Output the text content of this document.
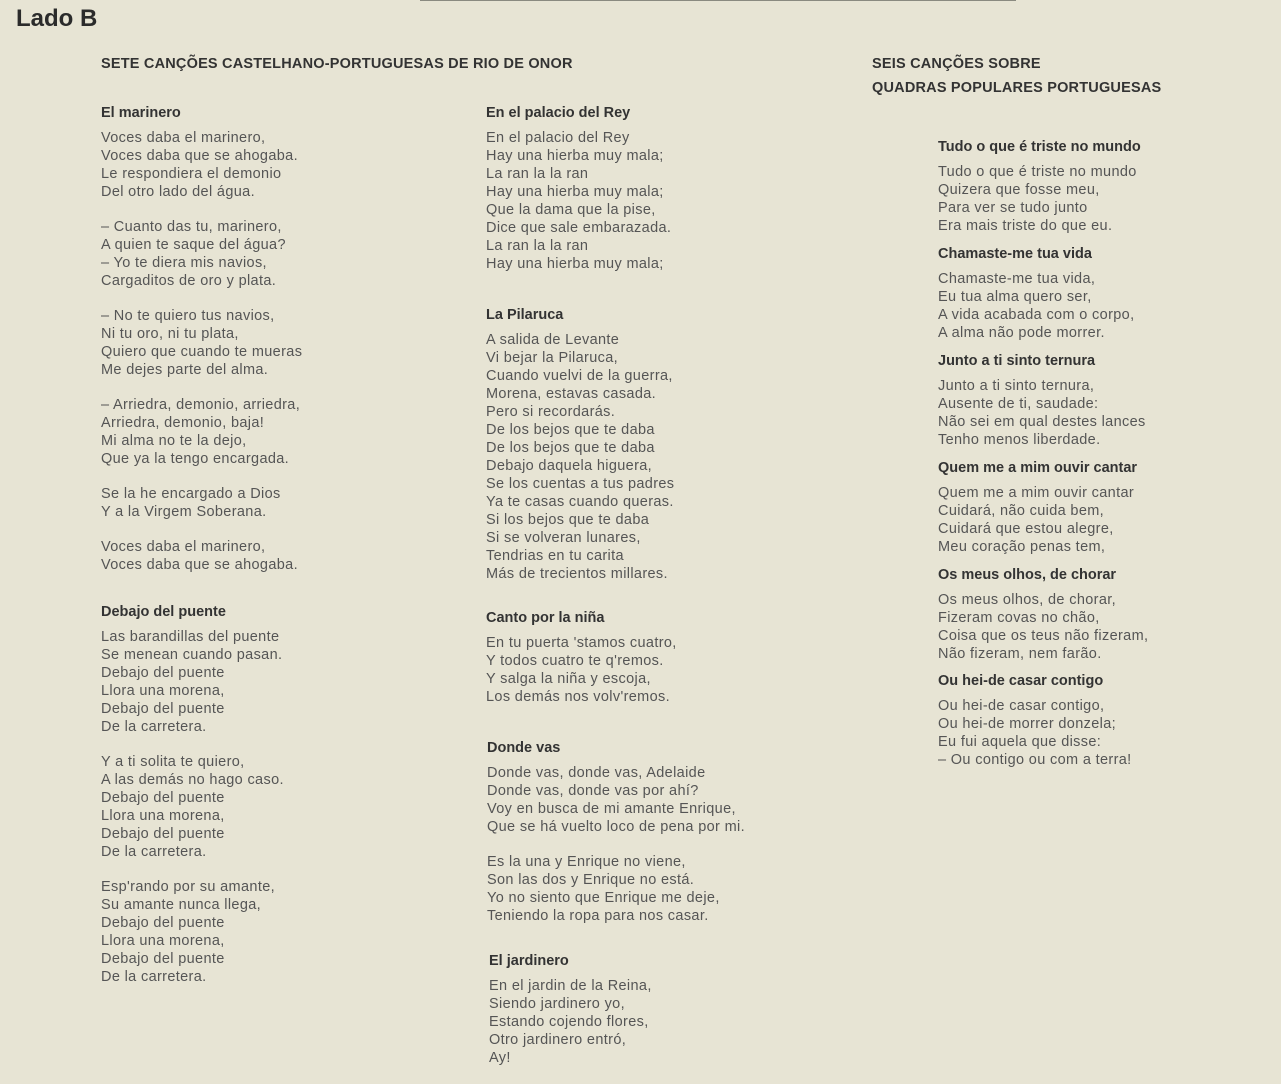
Lado B
SETE CANÇÕES CASTELHANO-PORTUGUESAS DE RIO DE ONOR	SEIS CANÇÕES SOBRE
QUADRAS POPULARES PORTUGUESAS
El marinero
Voces daba el marinero,
Voces daba que se ahogaba.
Le respondiera el demonio
Del otro lado del água.
– Cuanto das tu, marinero,
A quien te saque del água?
– Yo te diera mis navios,
Cargaditos de oro y plata.
– No te quiero tus navios,
Ni tu oro, ni tu plata,
Quiero que cuando te mueras
Me dejes parte del alma.
– Arriedra, demonio, arriedra,
Arriedra, demonio, baja!
Mi alma no te la dejo,
Que ya la tengo encargada.
Se la he encargado a Dios
Y a la Virgem Soberana.
Voces daba el marinero,
Voces daba que se ahogaba.
Debajo del puente
Las barandillas del puente
Se menean cuando pasan.
Debajo del puente
Llora una morena,
Debajo del puente
De la carretera.
Y a ti solita te quiero,
A las demás no hago caso.
Debajo del puente
Llora una morena,
Debajo del puente
De la carretera.
Esp'rando por su amante,
Su amante nunca llega,
Debajo del puente
Llora una morena,
Debajo del puente
De la carretera.
En el palacio del Rey
En el palacio del Rey
Hay una hierba muy mala;
La ran la la ran
Hay una hierba muy mala;
Que la dama que la pise,
Dice que sale embarazada.
La ran la la ran
Hay una hierba muy mala;
La Pilaruca
A salida de Levante
Vi bejar la Pilaruca,
Cuando vuelvi de la guerra,
Morena, estavas casada.
Pero si recordarás.
De los bejos que te daba
De los bejos que te daba
Debajo daquela higuera,
Se los cuentas a tus padres
Ya te casas cuando queras.
Si los bejos que te daba
Si se volveran lunares,
Tendrias en tu carita
Más de trecientos millares.
Canto por la niña
En tu puerta 'stamos cuatro,
Y todos cuatro te q'remos.
Y salga la niña y escoja,
Los demás nos volv'remos.
Donde vas
Donde vas, donde vas, Adelaide
Donde vas, donde vas por ahí?
Voy en busca de mi amante Enrique,
Que se há vuelto loco de pena por mi.
Es la una y Enrique no viene,
Son las dos y Enrique no está.
Yo no siento que Enrique me deje,
Teniendo la ropa para nos casar.
El jardinero
En el jardin de la Reina,
Siendo jardinero yo,
Estando cojendo flores,
Otro jardinero entró,
Ay!
Tudo o que é triste no mundo
Tudo o que é triste no mundo
Quizera que fosse meu,
Para ver se tudo junto
Era mais triste do que eu.
Chamaste-me tua vida
Chamaste-me tua vida,
Eu tua alma quero ser,
A vida acabada com o corpo,
A alma não pode morrer.
Junto a ti sinto ternura
Junto a ti sinto ternura,
Ausente de ti, saudade:
Não sei em qual destes lances
Tenho menos liberdade.
Quem me a mim ouvir cantar
Quem me a mim ouvir cantar
Cuidará, não cuida bem,
Cuidará que estou alegre,
Meu coração penas tem,
Os meus olhos, de chorar
Os meus olhos, de chorar,
Fizeram covas no chão,
Coisa que os teus não fizeram,
Não fizeram, nem farão.
Ou hei-de casar contigo
Ou hei-de casar contigo,
Ou hei-de morrer donzela;
Eu fui aquela que disse:
– Ou contigo ou com a terra!
